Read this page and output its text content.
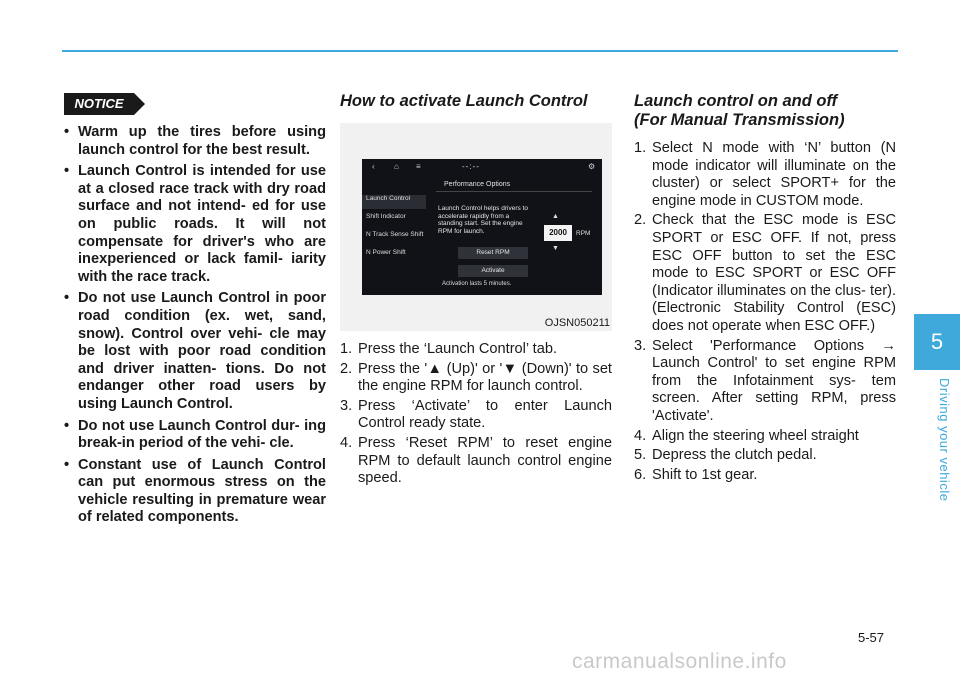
NOTICE
• Warm up the tires before using launch control for the best result.
• Launch Control is intended for use at a closed race track with dry road surface and not intend- ed for use on public roads. It will not compensate for driver's who are inexperienced or lack famil- iarity with the race track.
• Do not use Launch Control in poor road condition (ex. wet, sand, snow). Control over vehi- cle may be lost with poor road condition and driver inatten- tions. Do not endanger other road users by using Launch Control.
• Do not use Launch Control dur- ing break-in period of the vehi- cle.
• Constant use of Launch Control can put enormous stress on the vehicle resulting in premature wear of related components.
How to activate Launch Control
‹ ⌂ ≡	--:--	⚙
Performance Options
Launch Control
Shift Indicator
N Track Sense Shift
N Power Shift
Launch Control helps drivers to accelerate rapidly from a standing start. Set the engine RPM for launch.
▲
2000	RPM
▼
Reset RPM
Activate
Activation lasts 5 minutes.
OJSN050211
1. Press the ‘Launch Control’ tab.
2. Press the '▲ (Up)' or '▼ (Down)' to set the engine RPM for launch control.
3. Press ‘Activate’ to enter Launch Control ready state.
4. Press ‘Reset RPM’ to reset engine RPM to default launch control engine speed.
Launch control on and off
(For Manual Transmission)
1. Select N mode with ‘N’ button (N mode indicator will illuminate on the cluster) or select SPORT+ for the engine mode in CUSTOM mode.
2. Check that the ESC mode is ESC SPORT or ESC OFF. If not, press ESC OFF button to set the ESC mode to ESC SPORT or ESC OFF (Indicator illuminates on the clus- ter). (Electronic Stability Control (ESC) does not operate when ESC OFF.)
3. Select 'Performance Options → Launch Control' to set engine RPM from the Infotainment sys- tem screen. After setting RPM, press 'Activate'.
4. Align the steering wheel straight
5. Depress the clutch pedal.
6. Shift to 1st gear.
5
Driving your vehicle
5-57
carmanualsonline.info
